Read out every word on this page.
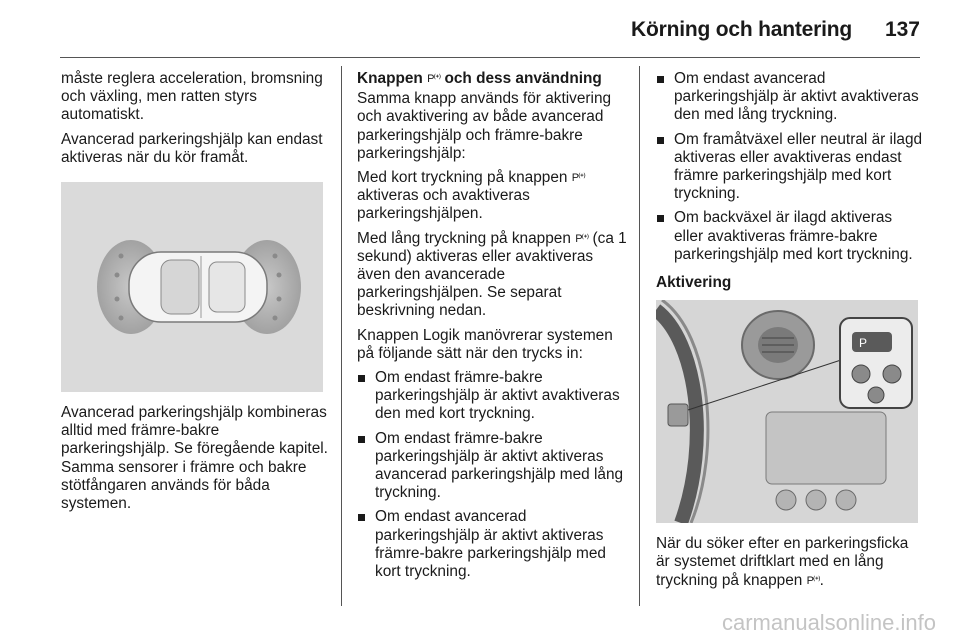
Körning och hantering 137

måste reglera acceleration, bromsning och växling, men ratten styrs automatiskt.

Avancerad parkeringshjälp kan endast aktiveras när du kör framåt.

Avancerad parkeringshjälp kombineras alltid med främre-bakre parkeringshjälp. Se föregående kapitel. Samma sensorer i främre och bakre stötfångaren används för båda systemen.

Knappen P⁽ᐩ⁾ och dess användning

Samma knapp används för aktivering och avaktivering av både avancerad parkeringshjälp och främre-bakre parkeringshjälp:

Med kort tryckning på knappen P⁽ᐩ⁾ aktiveras och avaktiveras parkeringshjälpen.

Med lång tryckning på knappen P⁽ᐩ⁾ (ca 1 sekund) aktiveras eller avaktiveras även den avancerade parkeringshjälpen. Se separat beskrivning nedan.

Knappen Logik manövrerar systemen på följande sätt när den trycks in:

Om endast främre-bakre parkeringshjälp är aktivt avaktiveras den med kort tryckning.
Om endast främre-bakre parkeringshjälp är aktivt aktiveras avancerad parkeringshjälp med lång tryckning.
Om endast avancerad parkeringshjälp är aktivt aktiveras främre-bakre parkeringshjälp med kort tryckning.
Om endast avancerad parkeringshjälp är aktivt avaktiveras den med lång tryckning.
Om framåtväxel eller neutral är ilagd aktiveras eller avaktiveras endast främre parkeringshjälp med kort tryckning.
Om backväxel är ilagd aktiveras eller avaktiveras främre-bakre parkeringshjälp med kort tryckning.
Aktivering
P

När du söker efter en parkeringsficka är systemet driftklart med en lång tryckning på knappen P⁽ᐩ⁾.

carmanualsonline.info
